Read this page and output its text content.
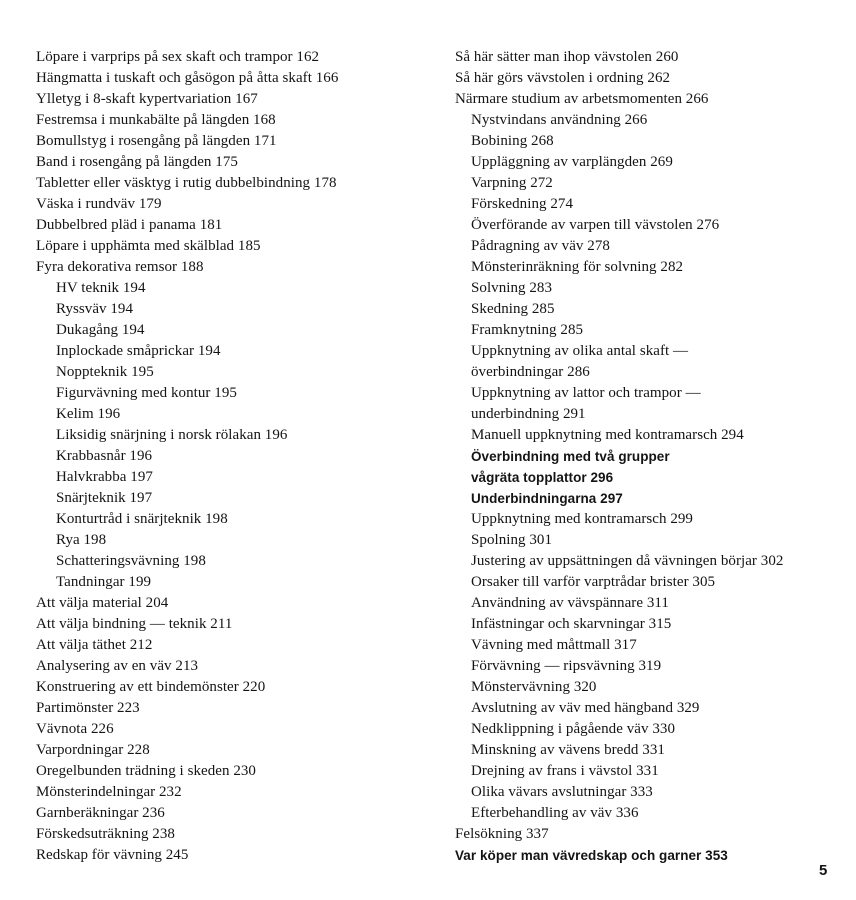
Löpare i varprips på sex skaft och trampor 162
Hängmatta i tuskaft och gåsögon på åtta skaft 166
Ylletyg i 8-skaft kypertvariation 167
Festremsa i munkabälte på längden 168
Bomullstyg i rosengång på längden 171
Band i rosengång på längden 175
Tabletter eller väsktyg i rutig dubbelbindning 178
Väska i rundväv 179
Dubbelbred pläd i panama 181
Löpare i upphämta med skälblad 185
Fyra dekorativa remsor 188
HV teknik 194
Ryssväv 194
Dukagång 194
Inplockade småprickar 194
Noppteknik 195
Figurvävning med kontur 195
Kelim 196
Liksidig snärjning i norsk rölakan 196
Krabbasnår 196
Halvkrabba 197
Snärjteknik 197
Konturtråd i snärjteknik 198
Rya 198
Schatteringsvävning 198
Tandningar 199
Att välja material 204
Att välja bindning — teknik 211
Att välja täthet 212
Analysering av en väv 213
Konstruering av ett bindemönster 220
Partimönster 223
Vävnota 226
Varpordningar 228
Oregelbunden trädning i skeden 230
Mönsterindelningar 232
Garnberäkningar 236
Förskedsuträkning 238
Redskap för vävning 245
Så här sätter man ihop vävstolen 260
Så här görs vävstolen i ordning 262
Närmare studium av arbetsmomenten 266
Nystvindans användning 266
Bobining 268
Uppläggning av varplängden 269
Varpning 272
Förskedning 274
Överförande av varpen till vävstolen 276
Pådragning av väv 278
Mönsterinräkning för solvning 282
Solvning 283
Skedning 285
Framknytning 285
Uppknytning av olika antal skaft —
överbindningar 286
Uppknytning av lattor och trampor —
underbindning 291
Manuell uppknytning med kontramarsch 294
Överbindning med två grupper
vågräta topplattor 296
Underbindningarna 297
Uppknytning med kontramarsch 299
Spolning 301
Justering av uppsättningen då vävningen börjar 302
Orsaker till varför varptrådar brister 305
Användning av vävspännare 311
Infästningar och skarvningar 315
Vävning med måttmall 317
Förvävning — ripsvävning 319
Mönstervävning 320
Avslutning av väv med hängband 329
Nedklippning i pågående väv 330
Minskning av vävens bredd 331
Drejning av frans i vävstol 331
Olika vävars avslutningar 333
Efterbehandling av väv 336
Felsökning 337
Var köper man vävredskap och garner 353
5
